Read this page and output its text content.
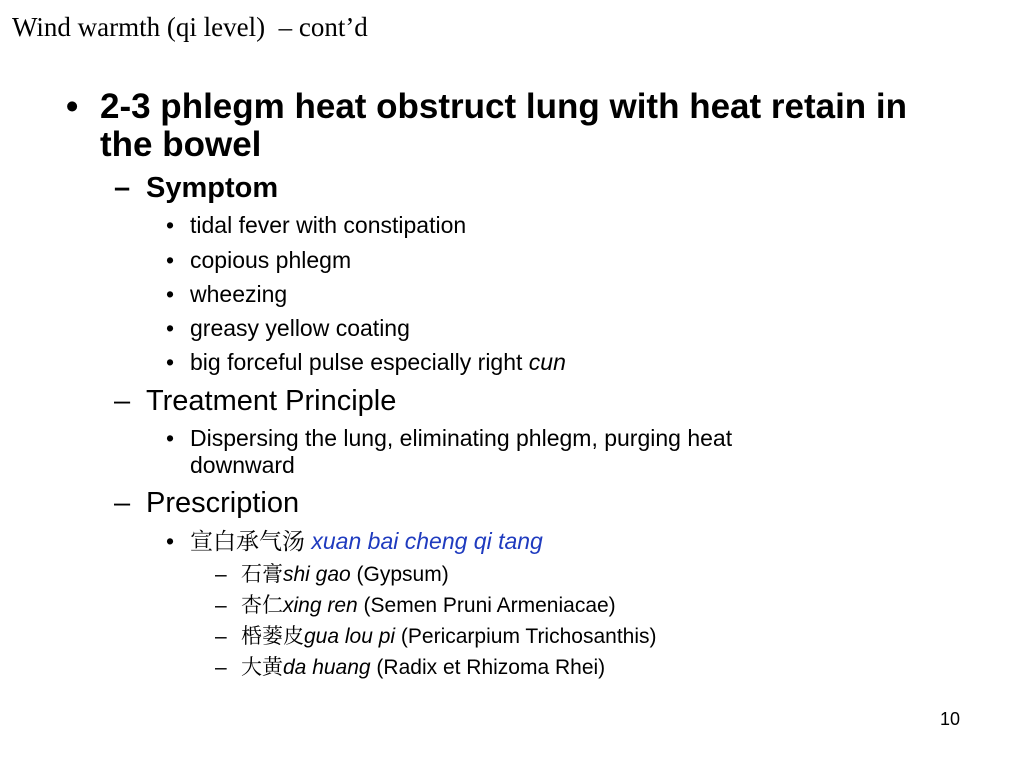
Wind warmth (qi level)  – cont’d
• 2-3 phlegm heat obstruct lung with heat retain in the bowel
– Symptom
• tidal fever with constipation
• copious phlegm
• wheezing
• greasy yellow coating
• big forceful pulse especially right cun
– Treatment Principle
• Dispersing the lung, eliminating phlegm, purging heat
downward
– Prescription
• 宣白承气汤 xuan bai cheng qi tang
– 石膏shi gao (Gypsum)
– 杏仁xing ren (Semen Pruni Armeniacae)
– 桰蒌皮gua lou pi (Pericarpium Trichosanthis)
– 大黄da huang (Radix et Rhizoma Rhei)
10
